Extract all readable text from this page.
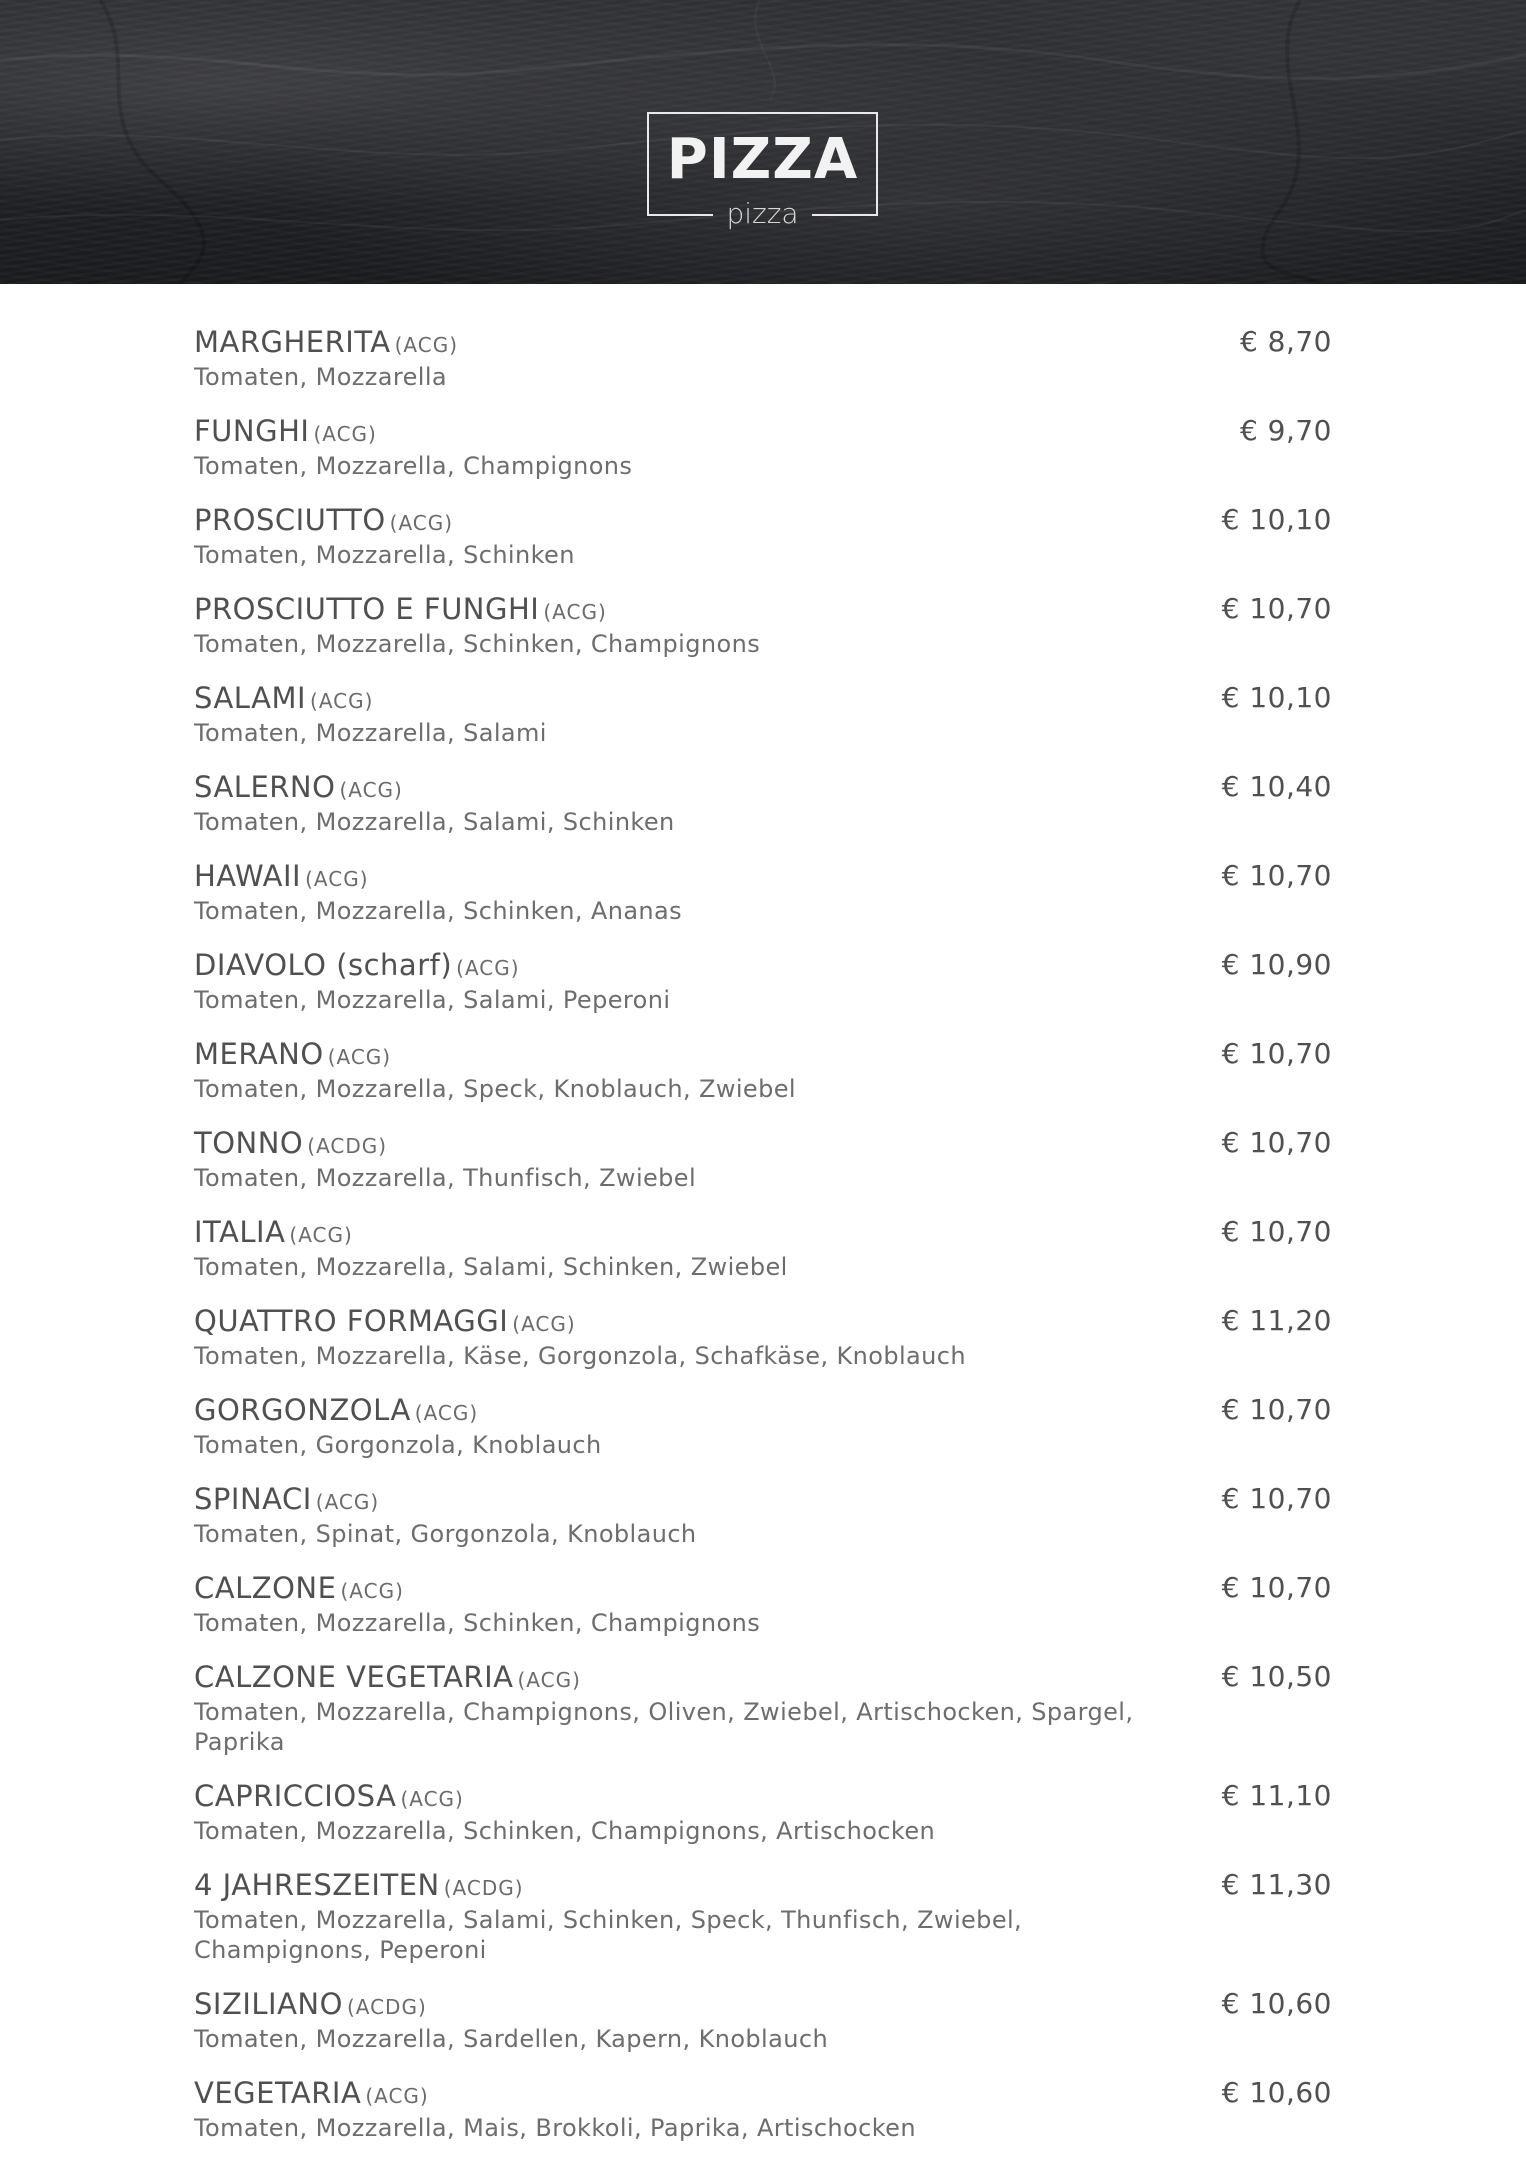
PIZZA
pizza
MARGHERITA (ACG)	€ 8,70
Tomaten, Mozzarella
FUNGHI (ACG)	€ 9,70
Tomaten, Mozzarella, Champignons
PROSCIUTTO (ACG)	€ 10,10
Tomaten, Mozzarella, Schinken
PROSCIUTTO E FUNGHI (ACG)	€ 10,70
Tomaten, Mozzarella, Schinken, Champignons
SALAMI (ACG)	€ 10,10
Tomaten, Mozzarella, Salami
SALERNO (ACG)	€ 10,40
Tomaten, Mozzarella, Salami, Schinken
HAWAII (ACG)	€ 10,70
Tomaten, Mozzarella, Schinken, Ananas
DIAVOLO (scharf) (ACG)	€ 10,90
Tomaten, Mozzarella, Salami, Peperoni
MERANO (ACG)	€ 10,70
Tomaten, Mozzarella, Speck, Knoblauch, Zwiebel
TONNO (ACDG)	€ 10,70
Tomaten, Mozzarella, Thunfisch, Zwiebel
ITALIA (ACG)	€ 10,70
Tomaten, Mozzarella, Salami, Schinken, Zwiebel
QUATTRO FORMAGGI (ACG)	€ 11,20
Tomaten, Mozzarella, Käse, Gorgonzola, Schafkäse, Knoblauch
GORGONZOLA (ACG)	€ 10,70
Tomaten, Gorgonzola, Knoblauch
SPINACI (ACG)	€ 10,70
Tomaten, Spinat, Gorgonzola, Knoblauch
CALZONE (ACG)	€ 10,70
Tomaten, Mozzarella, Schinken, Champignons
CALZONE VEGETARIA (ACG)	€ 10,50
Tomaten, Mozzarella, Champignons, Oliven, Zwiebel, Artischocken, Spargel, Paprika
CAPRICCIOSA (ACG)	€ 11,10
Tomaten, Mozzarella, Schinken, Champignons, Artischocken
4 JAHRESZEITEN (ACDG)	€ 11,30
Tomaten, Mozzarella, Salami, Schinken, Speck, Thunfisch, Zwiebel, Champignons, Peperoni
SIZILIANO (ACDG)	€ 10,60
Tomaten, Mozzarella, Sardellen, Kapern, Knoblauch
VEGETARIA (ACG)	€ 10,60
Tomaten, Mozzarella, Mais, Brokkoli, Paprika, Artischocken
